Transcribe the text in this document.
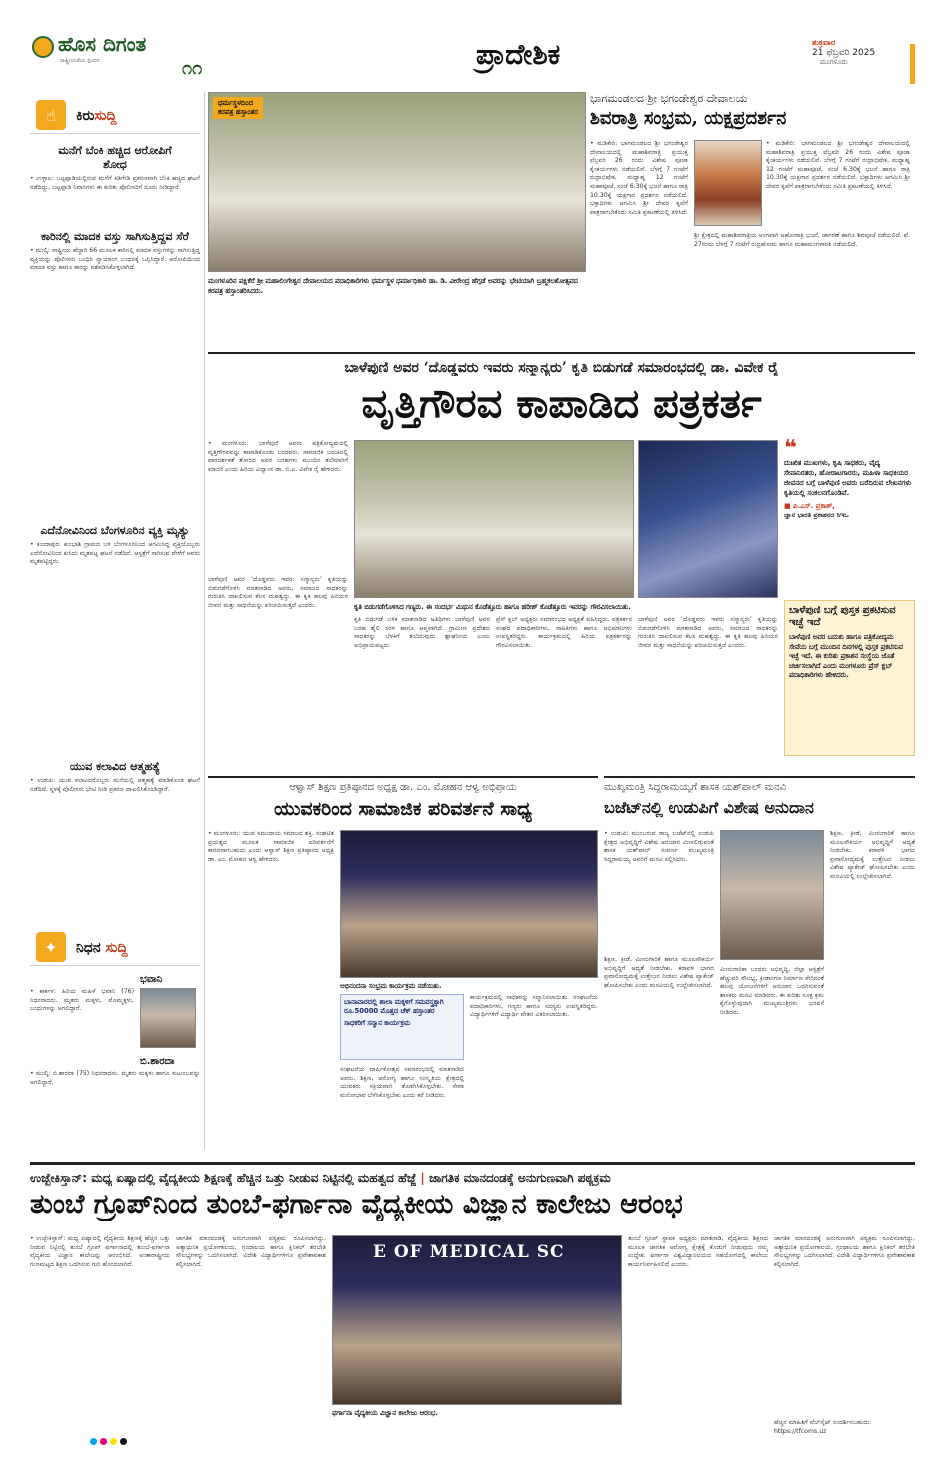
ಹೊಸ ದಿಗಂತ
ರಾಷ್ಟ್ರೀಯತೆಯ ಸ್ಪಂದನ	೧೧	ಪ್ರಾದೇಶಿಕ	ಶುಕ್ರವಾರ
21 ಫೆಬ್ರವರಿ 2025
ಮಂಗಳೂರು
☝	ಕಿರುಸುದ್ದಿ
ಮನೆಗೆ ಬೆಂಕಿ ಹಚ್ಚಿದ ಆರೋಪಿಗೆ ಶೋಧ
• ಉಳ್ಳಾಲ: ಬಟ್ಟಪ್ಪಾಡಿಯಲ್ಲಿರುವ ಮನೆಗೆ ಕಿಡಿಗೇಡಿ ಪ್ರಕರಣವಾಗಿ ಬೆಂಕಿ ಹಚ್ಚಿದ ಘಟನೆ ನಡೆದಿದ್ದು, ಬಟ್ಟಪ್ಪಾಡಿ ನಿವಾಸಿಗಳು ಈ ಕುರಿತು ಪೊಲೀಸರಿಗೆ ದೂರು ನೀಡಿದ್ದಾರೆ.
ಕಾರಿನಲ್ಲಿ ಮಾದಕ ವಸ್ತು ಸಾಗಿಸುತ್ತಿದ್ದವ ಸೆರೆ
• ಮುಲ್ಕಿ: ರಾಷ್ಟ್ರೀಯ ಹೆದ್ದಾರಿ 66 ಮೂಲಕ ಕಾರಿನಲ್ಲಿ ಮಾದಕ ವಸ್ತುಗಳನ್ನು ಸಾಗಿಸುತ್ತಿದ್ದ ವ್ಯಕ್ತಿಯನ್ನು ಪೊಲೀಸರು ಬಂಧಿಸಿ ನ್ಯಾಯಾಂಗ ಬಂಧನಕ್ಕೆ ಒಪ್ಪಿಸಿದ್ದಾರೆ. ಆರೋಪಿಯಿಂದ ಮಾದಕ ವಸ್ತು ಹಾಗೂ ಕಾರನ್ನು ವಶಪಡಿಸಿಕೊಳ್ಳಲಾಗಿದೆ.
ಎದೆನೋವಿನಿಂದ ಬೆಂಗಳೂರಿನ ವ್ಯಕ್ತಿ ಮೃತ್ಯು
• ಕುಂದಾಪುರ: ಕುಂಭಾಶಿ ಗ್ರಾಮದ ಬಳಿ ಬೆಂಗಳೂರಿನಿಂದ ಆಗಮಿಸಿದ್ದ ವ್ಯಕ್ತಿಯೊಬ್ಬರು ಎದೆನೋವಿನಿಂದ ಕುಸಿದು ಮೃತಪಟ್ಟ ಘಟನೆ ನಡೆದಿದೆ. ಆಸ್ಪತ್ರೆಗೆ ಸಾಗಿಸುವ ವೇಳೆಗೆ ಅವರು ಮೃತಪಟ್ಟಿದ್ದರು.
ಯುವ ಕಲಾವಿದ ಆತ್ಮಹತ್ಯೆ
• ಉಡುಪಿ: ಯುವ ಕಲಾವಿದರೊಬ್ಬರು ಮನೆಯಲ್ಲಿ ಆತ್ಮಹತ್ಯೆ ಮಾಡಿಕೊಂಡ ಘಟನೆ ನಡೆದಿದೆ. ಸ್ಥಳಕ್ಕೆ ಪೊಲೀಸರು ಭೇಟಿ ನೀಡಿ ಪ್ರಕರಣ ದಾಖಲಿಸಿಕೊಂಡಿದ್ದಾರೆ.
✦	ನಿಧನ ಸುದ್ದಿ
ಭವಾನಿ
• ಕಾರ್ಕಳ: ಹಿರಿಯ ಮಹಿಳೆ ಭವಾನಿ (76) ನಿಧನರಾದರು. ಮೃತರು ಮಕ್ಕಳು, ಮೊಮ್ಮಕ್ಕಳು, ಬಂಧುಗಳನ್ನು ಅಗಲಿದ್ದಾರೆ.
ಬಿ.ಶಾರದಾ
• ಮುಲ್ಕಿ: ಬಿ.ಶಾರದಾ (75) ನಿಧನರಾದರು. ಮೃತರು ಮಕ್ಕಳು ಹಾಗೂ ಕುಟುಂಬವನ್ನು ಅಗಲಿದ್ದಾರೆ.
ಧರ್ಮಸ್ಥಳದಿಂದ
ಕರಪತ್ರ ಹಸ್ತಾಂತರ
ಮಂಗಳೂರಿನ ಪಕ್ಷಿಕೆರೆ ಶ್ರೀ ಮಹಾಲಿಂಗೇಶ್ವರ ದೇವಾಲಯದ ಪದಾಧಿಕಾರಿಗಳು ಧರ್ಮಸ್ಥಳ ಧರ್ಮಾಧಿಕಾರಿ ಡಾ. ಡಿ. ವೀರೇಂದ್ರ ಹೆಗ್ಗಡೆ ಅವರನ್ನು ಭೇಟಿಯಾಗಿ ಬ್ರಹ್ಮಕಲಶೋತ್ಸವದ ಕರಪತ್ರ ಹಸ್ತಾಂತರಿಸಿದರು.
ಭಾಗಮಂಡಲದ ಶ್ರೀ ಭಗಂಡೇಶ್ವರ ದೇವಾಲಯ
ಶಿವರಾತ್ರಿ ಸಂಭ್ರಮ, ಯಕ್ಷಪ್ರದರ್ಶನ
• ಮಡಿಕೇರಿ: ಭಾಗಮಂಡಲದ ಶ್ರೀ ಭಗಂಡೇಶ್ವರ ದೇವಾಲಯದಲ್ಲಿ ಮಹಾಶಿವರಾತ್ರಿ ಪ್ರಯುಕ್ತ ಫೆಬ್ರವರಿ 26 ರಂದು ವಿಶೇಷ ಪೂಜಾ ಕೈಂಕರ್ಯಗಳು ನಡೆಯಲಿವೆ. ಬೆಳಗ್ಗೆ 7 ಗಂಟೆಗೆ ರುದ್ರಾಭಿಷೇಕ, ಮಧ್ಯಾಹ್ನ 12 ಗಂಟೆಗೆ ಮಹಾಪೂಜೆ, ಸಂಜೆ 6.30ಕ್ಕೆ ಭಜನೆ ಹಾಗೂ ರಾತ್ರಿ 10.30ಕ್ಕೆ ಯಕ್ಷಗಾನ ಪ್ರದರ್ಶನ ನಡೆಯಲಿದೆ. ಭಕ್ತಾದಿಗಳು ಆಗಮಿಸಿ ಶ್ರೀ ದೇವರ ಕೃಪೆಗೆ ಪಾತ್ರರಾಗಬೇಕೆಂದು ಸಮಿತಿ ಪ್ರಕಟಣೆಯಲ್ಲಿ ತಿಳಿಸಿದೆ.
ಶ್ರೀ ಕ್ಷೇತ್ರದಲ್ಲಿ ಮಹಾಶಿವರಾತ್ರಿಯ ಅಂಗವಾಗಿ ಅಹೋರಾತ್ರಿ ಭಜನೆ, ಜಾಗರಣೆ ಹಾಗೂ ಶಿವಪೂಜೆ ನಡೆಯಲಿದೆ. ಫೆ. 27ರಂದು ಬೆಳಗ್ಗೆ 7 ಗಂಟೆಗೆ ರುದ್ರಹೋಮ ಹಾಗೂ ಮಹಾಮಂಗಳಾರತಿ ನಡೆಯಲಿದೆ.
• ಮಡಿಕೇರಿ: ಭಾಗಮಂಡಲದ ಶ್ರೀ ಭಗಂಡೇಶ್ವರ ದೇವಾಲಯದಲ್ಲಿ ಮಹಾಶಿವರಾತ್ರಿ ಪ್ರಯುಕ್ತ ಫೆಬ್ರವರಿ 26 ರಂದು ವಿಶೇಷ ಪೂಜಾ ಕೈಂಕರ್ಯಗಳು ನಡೆಯಲಿವೆ. ಬೆಳಗ್ಗೆ 7 ಗಂಟೆಗೆ ರುದ್ರಾಭಿಷೇಕ, ಮಧ್ಯಾಹ್ನ 12 ಗಂಟೆಗೆ ಮಹಾಪೂಜೆ, ಸಂಜೆ 6.30ಕ್ಕೆ ಭಜನೆ ಹಾಗೂ ರಾತ್ರಿ 10.30ಕ್ಕೆ ಯಕ್ಷಗಾನ ಪ್ರದರ್ಶನ ನಡೆಯಲಿದೆ. ಭಕ್ತಾದಿಗಳು ಆಗಮಿಸಿ ಶ್ರೀ ದೇವರ ಕೃಪೆಗೆ ಪಾತ್ರರಾಗಬೇಕೆಂದು ಸಮಿತಿ ಪ್ರಕಟಣೆಯಲ್ಲಿ ತಿಳಿಸಿದೆ.
ಬಾಳೆಪುಣಿ ಅವರ ‘ದೊಡ್ಡವರು ಇವರು ಸನ್ಮಾನ್ಯರು’ ಕೃತಿ ಬಿಡುಗಡೆ ಸಮಾರಂಭದಲ್ಲಿ ಡಾ. ವಿವೇಕ ರೈ
ವೃತ್ತಿಗೌರವ ಕಾಪಾಡಿದ ಪತ್ರಕರ್ತ
• ಮಂಗಳೂರು: ಬಾಳೆಪುಣಿ ಅವರು ಪತ್ರಿಕೋದ್ಯಮದಲ್ಲಿ ವೃತ್ತಿಗೌರವವನ್ನು ಕಾಪಾಡಿಕೊಂಡು ಬಂದವರು. ಸಾಮಾಜಿಕ ಬದುಕಿನಲ್ಲಿ ಪಾರದರ್ಶಕತೆ ತೋರಿದ ಅವರ ಬರಹಗಳು ಮುಂದಿನ ತಲೆಮಾರಿಗೆ ಮಾದರಿ ಎಂದು ಹಿರಿಯ ವಿದ್ವಾಂಸ ಡಾ. ಬಿ.ಎ. ವಿವೇಕ ರೈ ಹೇಳಿದರು.
ಕೃತಿ ಬಿಡುಗಡೆಗೊಳಿಸಿದ ಗಣ್ಯರು. ಈ ಸಂದರ್ಭ ಮಿಥುನ ಕೊಡೆತ್ತೂರು ಹಾಗೂ ಹರೀಶ್ ಕೊಡೆತ್ತೂರು ಇವರನ್ನು ಗೌರವಿಸಲಾಯಿತು.
ಬಾಳೆಪುಣಿ ಅವರ ‘ದೊಡ್ಡವರು ಇವರು ಸನ್ಮಾನ್ಯರು’ ಕೃತಿಯನ್ನು ಬಿಡುಗಡೆಗೊಳಿಸಿ ಮಾತನಾಡಿದ ಅವರು, ಸಮಾಜದ ಸಾಧಕರನ್ನು ಗುರುತಿಸಿ ದಾಖಲಿಸುವ ಕೆಲಸ ಮಹತ್ವದ್ದು. ಈ ಕೃತಿ ಹಲವು ಹಿರಿಯರ ಜೀವನ ಮತ್ತು ಸಾಧನೆಯನ್ನು ಪರಿಚಯಿಸುತ್ತದೆ ಎಂದರು.
ಕೃತಿ ಬಿಡುಗಡೆ ಬಳಿಕ ಮಾತನಾಡಿದ ಅತಿಥಿಗಳು ಬಾಳೆಪುಣಿ ಅವರ ಬರಹ ಶೈಲಿ ಸರಳ ಹಾಗೂ ಆಪ್ತವಾಗಿದೆ. ಗ್ರಾಮೀಣ ಪ್ರದೇಶದ ಸಾಧಕರನ್ನು ಬೆಳಕಿಗೆ ತಂದಿರುವುದು ಶ್ಲಾಘನೀಯ ಎಂದು ಅಭಿಪ್ರಾಯಪಟ್ಟರು.
ಪ್ರೆಸ್ ಕ್ಲಬ್ ಅಧ್ಯಕ್ಷರು ಸಮಾರಂಭದ ಅಧ್ಯಕ್ಷತೆ ವಹಿಸಿದ್ದರು. ಪತ್ರಕರ್ತರ ಸಂಘದ ಪದಾಧಿಕಾರಿಗಳು, ಸಾಹಿತಿಗಳು ಹಾಗೂ ಅಭಿಮಾನಿಗಳು ಉಪಸ್ಥಿತರಿದ್ದರು. ಕಾರ್ಯಕ್ರಮದಲ್ಲಿ ಹಿರಿಯ ಪತ್ರಕರ್ತರನ್ನು ಗೌರವಿಸಲಾಯಿತು.
ಬಾಳೆಪುಣಿ ಅವರ ‘ದೊಡ್ಡವರು ಇವರು ಸನ್ಮಾನ್ಯರು’ ಕೃತಿಯನ್ನು ಬಿಡುಗಡೆಗೊಳಿಸಿ ಮಾತನಾಡಿದ ಅವರು, ಸಮಾಜದ ಸಾಧಕರನ್ನು ಗುರುತಿಸಿ ದಾಖಲಿಸುವ ಕೆಲಸ ಮಹತ್ವದ್ದು. ಈ ಕೃತಿ ಹಲವು ಹಿರಿಯರ ಜೀವನ ಮತ್ತು ಸಾಧನೆಯನ್ನು ಪರಿಚಯಿಸುತ್ತದೆ ಎಂದರು.
❝
ದುಃಖಿತ ಮುಖಗಳು, ಕೃಷಿ ಸಾಧಕರು, ವೈದ್ಯ ಸೇವಾನಿರತರು, ಹೋರಾಟಗಾರರು, ಮಹಿಳಾ ಸಾಧಕಿಯರ ಜೀವನದ ಬಗ್ಗೆ ಬಾಳೆಪುಣಿ ಅವರು ಬರೆದಿರುವ ಲೇಖನಗಳು ಕೃತಿಯಲ್ಲಿ ಸಂಕಲನಗೊಂಡಿವೆ.
■ ಪಿ.ಎಸ್. ಪ್ರಕಾಶ್,
ಜ್ಞಾನ ಭಾರತಿ ಪ್ರಕಾಶನದ ಸಿಇಒ
ಬಾಳೆಪುಣಿ ಬಗ್ಗೆ ಪುಸ್ತಕ ಪ್ರಕಟಿಸುವ ಇಚ್ಛೆ ಇದೆ
ಬಾಳೆಪುಣಿ ಅವರ ಬದುಕು ಹಾಗೂ ಪತ್ರಿಕೋದ್ಯಮ ಸೇವೆಯ ಬಗ್ಗೆ ಮುಂದಿನ ದಿನಗಳಲ್ಲಿ ಪುಸ್ತಕ ಪ್ರಕಟಿಸುವ ಇಚ್ಛೆ ಇದೆ. ಈ ಕುರಿತು ಪ್ರಕಾಶನ ಸಂಸ್ಥೆಯ ಜೊತೆ ಚರ್ಚಿಸಲಾಗಿದೆ ಎಂದು ಮಂಗಳೂರು ಪ್ರೆಸ್ ಕ್ಲಬ್ ಪದಾಧಿಕಾರಿಗಳು ಹೇಳಿದರು.
ಆಳ್ವಾಸ್ ಶಿಕ್ಷಣ ಪ್ರತಿಷ್ಠಾನದ ಅಧ್ಯಕ್ಷ ಡಾ. ಎಂ. ಮೋಹನ ಆಳ್ವ ಅಭಿಪ್ರಾಯ
ಯುವಕರಿಂದ ಸಾಮಾಜಿಕ ಪರಿವರ್ತನೆ ಸಾಧ್ಯ
• ಮಂಗಳೂರು: ಯುವ ಸಮುದಾಯ ಸಮಾಜದ ಶಕ್ತಿ. ಸಂಘಟಿತ ಪ್ರಯತ್ನದ ಮೂಲಕ ಸಾಮಾಜಿಕ ಪರಿವರ್ತನೆಗೆ ಕಾರಣರಾಗಬಹುದು ಎಂದು ಆಳ್ವಾಸ್ ಶಿಕ್ಷಣ ಪ್ರತಿಷ್ಠಾನದ ಅಧ್ಯಕ್ಷ ಡಾ. ಎಂ. ಮೋಹನ ಆಳ್ವ ಹೇಳಿದರು.
ಅಭಿನಂದನಾ ಸಂಭ್ರಮ ಕಾರ್ಯಕ್ರಮ ನಡೆಯಿತು.
ಬಾನಾವಾರದಲ್ಲಿ ಶಾಲಾ ಮಕ್ಕಳಿಗೆ ಸಮವಸ್ತ್ರಕ್ಕಾಗಿ ರೂ.50000 ಮೊತ್ತದ ಚೆಕ್ ಹಸ್ತಾಂತರ
ಸಾಧಕರಿಗೆ ಸನ್ಮಾನ ಕಾರ್ಯಕ್ರಮ
ಸಂಘಟನೆಯ ವಾರ್ಷಿಕೋತ್ಸವ ಸಮಾರಂಭದಲ್ಲಿ ಮಾತನಾಡಿದ ಅವರು, ಶಿಕ್ಷಣ, ಆರೋಗ್ಯ ಹಾಗೂ ಸಂಸ್ಕೃತಿಯ ಕ್ಷೇತ್ರದಲ್ಲಿ ಯುವಕರು ಸಕ್ರಿಯವಾಗಿ ತೊಡಗಿಸಿಕೊಳ್ಳಬೇಕು. ಸೇವಾ ಮನೋಭಾವ ಬೆಳೆಸಿಕೊಳ್ಳಬೇಕು ಎಂದು ಕರೆ ನೀಡಿದರು.
ಕಾರ್ಯಕ್ರಮದಲ್ಲಿ ಸಾಧಕರನ್ನು ಸನ್ಮಾನಿಸಲಾಯಿತು. ಸಂಘಟನೆಯ ಪದಾಧಿಕಾರಿಗಳು, ಗಣ್ಯರು ಹಾಗೂ ಸದಸ್ಯರು ಉಪಸ್ಥಿತರಿದ್ದರು. ವಿದ್ಯಾರ್ಥಿಗಳಿಗೆ ವಿದ್ಯಾರ್ಥಿ ವೇತನ ವಿತರಿಸಲಾಯಿತು.
ಮುಖ್ಯಮಂತ್ರಿ ಸಿದ್ದರಾಮಯ್ಯಗೆ ಶಾಸಕ ಯಶ್‌ಪಾಲ್ ಮನವಿ
ಬಜೆಟ್‌ನಲ್ಲಿ ಉಡುಪಿಗೆ ವಿಶೇಷ ಅನುದಾನ
• ಉಡುಪಿ: ಮುಂಬರುವ ರಾಜ್ಯ ಬಜೆಟ್‌ನಲ್ಲಿ ಉಡುಪಿ ಕ್ಷೇತ್ರದ ಅಭಿವೃದ್ಧಿಗೆ ವಿಶೇಷ ಅನುದಾನ ಮೀಸಲಿಡುವಂತೆ ಶಾಸಕ ಯಶ್‌ಪಾಲ್ ಸುವರ್ಣ ಮುಖ್ಯಮಂತ್ರಿ ಸಿದ್ದರಾಮಯ್ಯ ಅವರಿಗೆ ಮನವಿ ಸಲ್ಲಿಸಿದರು.
ಶಿಕ್ಷಣ, ಕ್ರೀಡೆ, ಮೀನುಗಾರಿಕೆ ಹಾಗೂ ಮೂಲಸೌಕರ್ಯ ಅಭಿವೃದ್ಧಿಗೆ ಆದ್ಯತೆ ನೀಡಬೇಕು. ಕರಾವಳಿ ಭಾಗದ ಪ್ರವಾಸೋದ್ಯಮಕ್ಕೆ ಉತ್ತೇಜನ ನೀಡಲು ವಿಶೇಷ ಪ್ಯಾಕೇಜ್ ಘೋಷಿಸಬೇಕು ಎಂದು ಮನವಿಯಲ್ಲಿ ಉಲ್ಲೇಖಿಸಲಾಗಿದೆ.
ಮೀನುಗಾರಿಕಾ ಬಂದರು ಅಭಿವೃದ್ಧಿ, ಜಿಲ್ಲಾ ಆಸ್ಪತ್ರೆಗೆ ಹೆಚ್ಚುವರಿ ಸೌಲಭ್ಯ, ಕ್ರೀಡಾಂಗಣ ನಿರ್ಮಾಣ ಸೇರಿದಂತೆ ಹಲವು ಯೋಜನೆಗಳಿಗೆ ಅನುದಾನ ಒದಗಿಸುವಂತೆ ಶಾಸಕರು ಮನವಿ ಮಾಡಿದರು. ಈ ಕುರಿತು ಸೂಕ್ತ ಕ್ರಮ ಕೈಗೊಳ್ಳುವುದಾಗಿ ಮುಖ್ಯಮಂತ್ರಿಗಳು ಭರವಸೆ ನೀಡಿದರು.
ಶಿಕ್ಷಣ, ಕ್ರೀಡೆ, ಮೀನುಗಾರಿಕೆ ಹಾಗೂ ಮೂಲಸೌಕರ್ಯ ಅಭಿವೃದ್ಧಿಗೆ ಆದ್ಯತೆ ನೀಡಬೇಕು. ಕರಾವಳಿ ಭಾಗದ ಪ್ರವಾಸೋದ್ಯಮಕ್ಕೆ ಉತ್ತೇಜನ ನೀಡಲು ವಿಶೇಷ ಪ್ಯಾಕೇಜ್ ಘೋಷಿಸಬೇಕು ಎಂದು ಮನವಿಯಲ್ಲಿ ಉಲ್ಲೇಖಿಸಲಾಗಿದೆ.
ಉಜ್ಬೇಕಿಸ್ತಾನ್: ಮಧ್ಯ ಏಷ್ಯಾದಲ್ಲಿ ವೈದ್ಯಕೀಯ ಶಿಕ್ಷಣಕ್ಕೆ ಹೆಚ್ಚಿನ ಒತ್ತು ನೀಡುವ ನಿಟ್ಟಿನಲ್ಲಿ ಮಹತ್ವದ ಹೆಜ್ಜೆ | ಜಾಗತಿಕ ಮಾನದಂಡಕ್ಕೆ ಅನುಗುಣವಾಗಿ ಪಠ್ಯಕ್ರಮ
ತುಂಬೆ ಗ್ರೂಪ್‌ನಿಂದ ತುಂಬೆ-ಫರ್ಗಾನಾ ವೈದ್ಯಕೀಯ ವಿಜ್ಞಾನ ಕಾಲೇಜು ಆರಂಭ
• ಉಜ್ಬೇಕಿಸ್ತಾನ್: ಮಧ್ಯ ಏಷ್ಯಾದಲ್ಲಿ ವೈದ್ಯಕೀಯ ಶಿಕ್ಷಣಕ್ಕೆ ಹೆಚ್ಚಿನ ಒತ್ತು ನೀಡುವ ನಿಟ್ಟಿನಲ್ಲಿ ತುಂಬೆ ಗ್ರೂಪ್ ಫರ್ಗಾನಾದಲ್ಲಿ ತುಂಬೆ-ಫರ್ಗಾನಾ ವೈದ್ಯಕೀಯ ವಿಜ್ಞಾನ ಕಾಲೇಜನ್ನು ಆರಂಭಿಸಿದೆ. ಅಂತಾರಾಷ್ಟ್ರೀಯ ಗುಣಮಟ್ಟದ ಶಿಕ್ಷಣ ಒದಗಿಸುವ ಗುರಿ ಹೊಂದಲಾಗಿದೆ.
ಜಾಗತಿಕ ಮಾನದಂಡಕ್ಕೆ ಅನುಗುಣವಾಗಿ ಪಠ್ಯಕ್ರಮ ರೂಪಿಸಲಾಗಿದ್ದು, ಅತ್ಯಾಧುನಿಕ ಪ್ರಯೋಗಾಲಯ, ಗ್ರಂಥಾಲಯ ಹಾಗೂ ಕ್ಲಿನಿಕಲ್ ತರಬೇತಿ ಸೌಲಭ್ಯಗಳನ್ನು ಒದಗಿಸಲಾಗಿದೆ. ವಿದೇಶಿ ವಿದ್ಯಾರ್ಥಿಗಳಿಗೂ ಪ್ರವೇಶಾವಕಾಶ ಕಲ್ಪಿಸಲಾಗಿದೆ.
E OF MEDICAL SC
ಫರ್ಗಾನಾ ವೈದ್ಯಕೀಯ ವಿಜ್ಞಾನ ಕಾಲೇಜು ಆರಂಭ.
ತುಂಬೆ ಗ್ರೂಪ್ ಸ್ಥಾಪಕ ಅಧ್ಯಕ್ಷರು ಮಾತನಾಡಿ, ವೈದ್ಯಕೀಯ ಶಿಕ್ಷಣದ ಮೂಲಕ ಜಾಗತಿಕ ಆರೋಗ್ಯ ಕ್ಷೇತ್ರಕ್ಕೆ ಕೊಡುಗೆ ನೀಡುವುದು ನಮ್ಮ ಉದ್ದೇಶ. ಫರ್ಗಾನಾ ವಿಶ್ವವಿದ್ಯಾನಿಲಯದ ಸಹಯೋಗದಲ್ಲಿ ಕಾಲೇಜು ಕಾರ್ಯನಿರ್ವಹಿಸಲಿದೆ ಎಂದರು.
ಜಾಗತಿಕ ಮಾನದಂಡಕ್ಕೆ ಅನುಗುಣವಾಗಿ ಪಠ್ಯಕ್ರಮ ರೂಪಿಸಲಾಗಿದ್ದು, ಅತ್ಯಾಧುನಿಕ ಪ್ರಯೋಗಾಲಯ, ಗ್ರಂಥಾಲಯ ಹಾಗೂ ಕ್ಲಿನಿಕಲ್ ತರಬೇತಿ ಸೌಲಭ್ಯಗಳನ್ನು ಒದಗಿಸಲಾಗಿದೆ. ವಿದೇಶಿ ವಿದ್ಯಾರ್ಥಿಗಳಿಗೂ ಪ್ರವೇಶಾವಕಾಶ ಕಲ್ಪಿಸಲಾಗಿದೆ.
ಹೆಚ್ಚಿನ ಮಾಹಿತಿಗೆ ವೆಬ್‌ಸೈಟ್ ಸಂದರ್ಶಿಸಬಹುದು: https://tfcoms.uz
